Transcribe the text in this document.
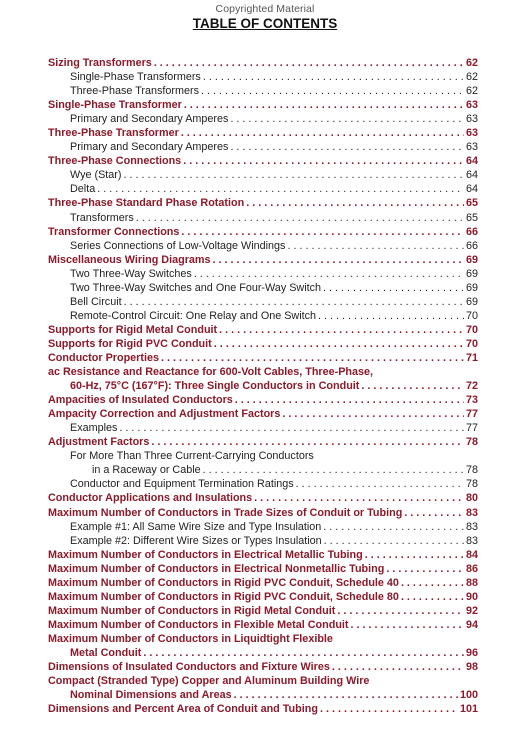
Copyrighted Material
TABLE OF CONTENTS
Sizing Transformers . . .	62
Single-Phase Transformers . . .	62
Three-Phase Transformers . . .	62
Single-Phase Transformer . . .	63
Primary and Secondary Amperes . . .	63
Three-Phase Transformer . . .	63
Primary and Secondary Amperes . . .	63
Three-Phase Connections . . .	64
Wye (Star) . . .	64
Delta . . .	64
Three-Phase Standard Phase Rotation . . .	65
Transformers . . .	65
Transformer Connections . . .	66
Series Connections of Low-Voltage Windings . . .	66
Miscellaneous Wiring Diagrams . . .	69
Two Three-Way Switches . . .	69
Two Three-Way Switches and One Four-Way Switch . . .	69
Bell Circuit . . .	69
Remote-Control Circuit: One Relay and One Switch . . .	70
Supports for Rigid Metal Conduit . . .	70
Supports for Rigid PVC Conduit . . .	70
Conductor Properties . . .	71
ac Resistance and Reactance for 600-Volt Cables, Three-Phase,
60-Hz, 75°C (167°F): Three Single Conductors in Conduit . . .	72
Ampacities of Insulated Conductors . . .	73
Ampacity Correction and Adjustment Factors . . .	77
Examples . . .	77
Adjustment Factors . . .	78
For More Than Three Current-Carrying Conductors
in a Raceway or Cable . . .	78
Conductor and Equipment Termination Ratings . . .	78
Conductor Applications and Insulations . . .	80
Maximum Number of Conductors in Trade Sizes of Conduit or Tubing . . .	83
Example #1: All Same Wire Size and Type Insulation . . .	83
Example #2: Different Wire Sizes or Types Insulation . . .	83
Maximum Number of Conductors in Electrical Metallic Tubing . . .	84
Maximum Number of Conductors in Electrical Nonmetallic Tubing . . .	86
Maximum Number of Conductors in Rigid PVC Conduit, Schedule 40 . . .	88
Maximum Number of Conductors in Rigid PVC Conduit, Schedule 80 . . .	90
Maximum Number of Conductors in Rigid Metal Conduit . . .	92
Maximum Number of Conductors in Flexible Metal Conduit . . .	94
Maximum Number of Conductors in Liquidtight Flexible
Metal Conduit . . .	96
Dimensions of Insulated Conductors and Fixture Wires . . .	98
Compact (Stranded Type) Copper and Aluminum Building Wire
Nominal Dimensions and Areas . . .	100
Dimensions and Percent Area of Conduit and Tubing . . .	101
